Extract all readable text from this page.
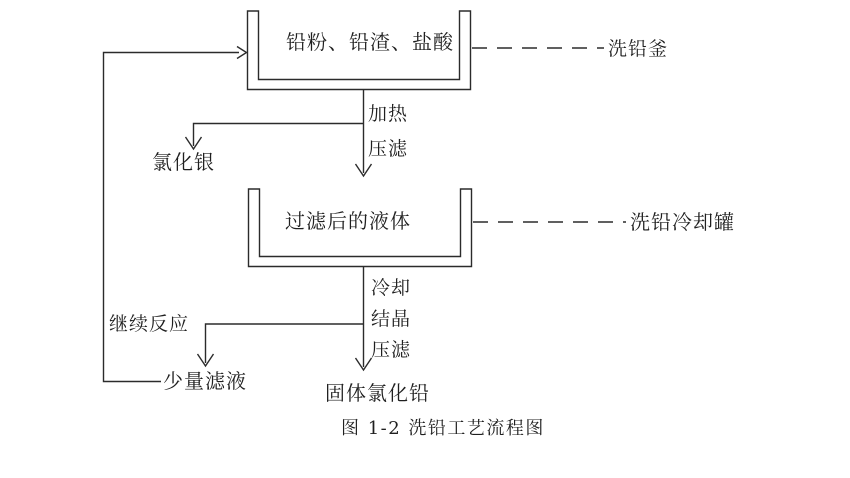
铅粉、铅渣、盐酸	洗铅釜
加热
压滤
氯化银
过滤后的液体	洗铅冷却罐
冷却
结晶
压滤
继续反应
少量滤液	固体氯化铅
图 1-2 洗铅工艺流程图
